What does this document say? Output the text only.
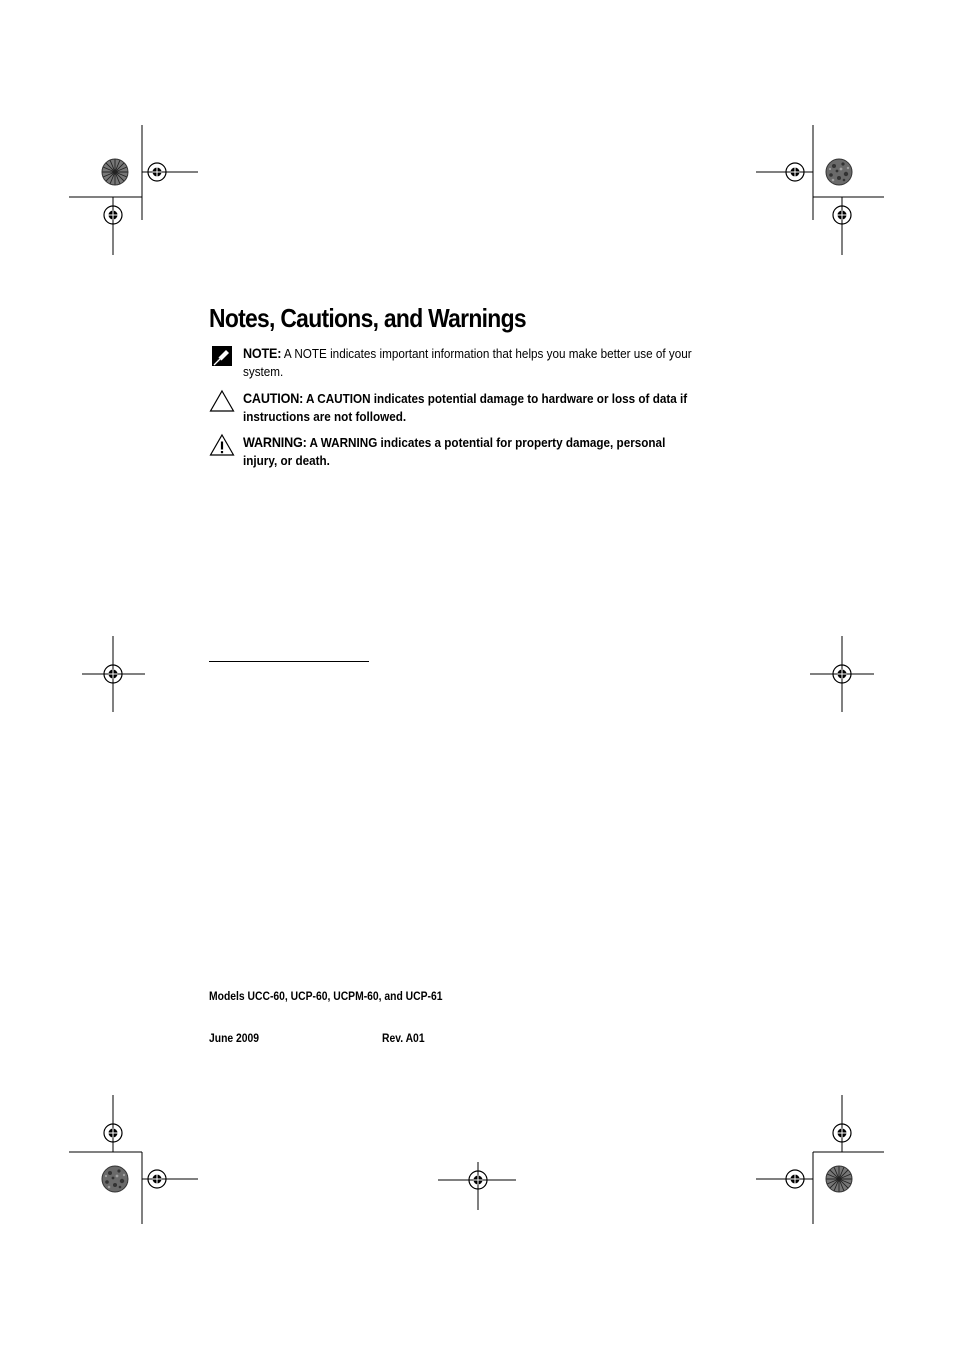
Notes, Cautions, and Warnings
NOTE: A NOTE indicates important information that helps you make better use of your system.
CAUTION: A CAUTION indicates potential damage to hardware or loss of data if instructions are not followed.
WARNING: A WARNING indicates a potential for property damage, personal injury, or death.
Models UCC-60, UCP-60, UCPM-60, and UCP-61
June 2009	Rev. A01
